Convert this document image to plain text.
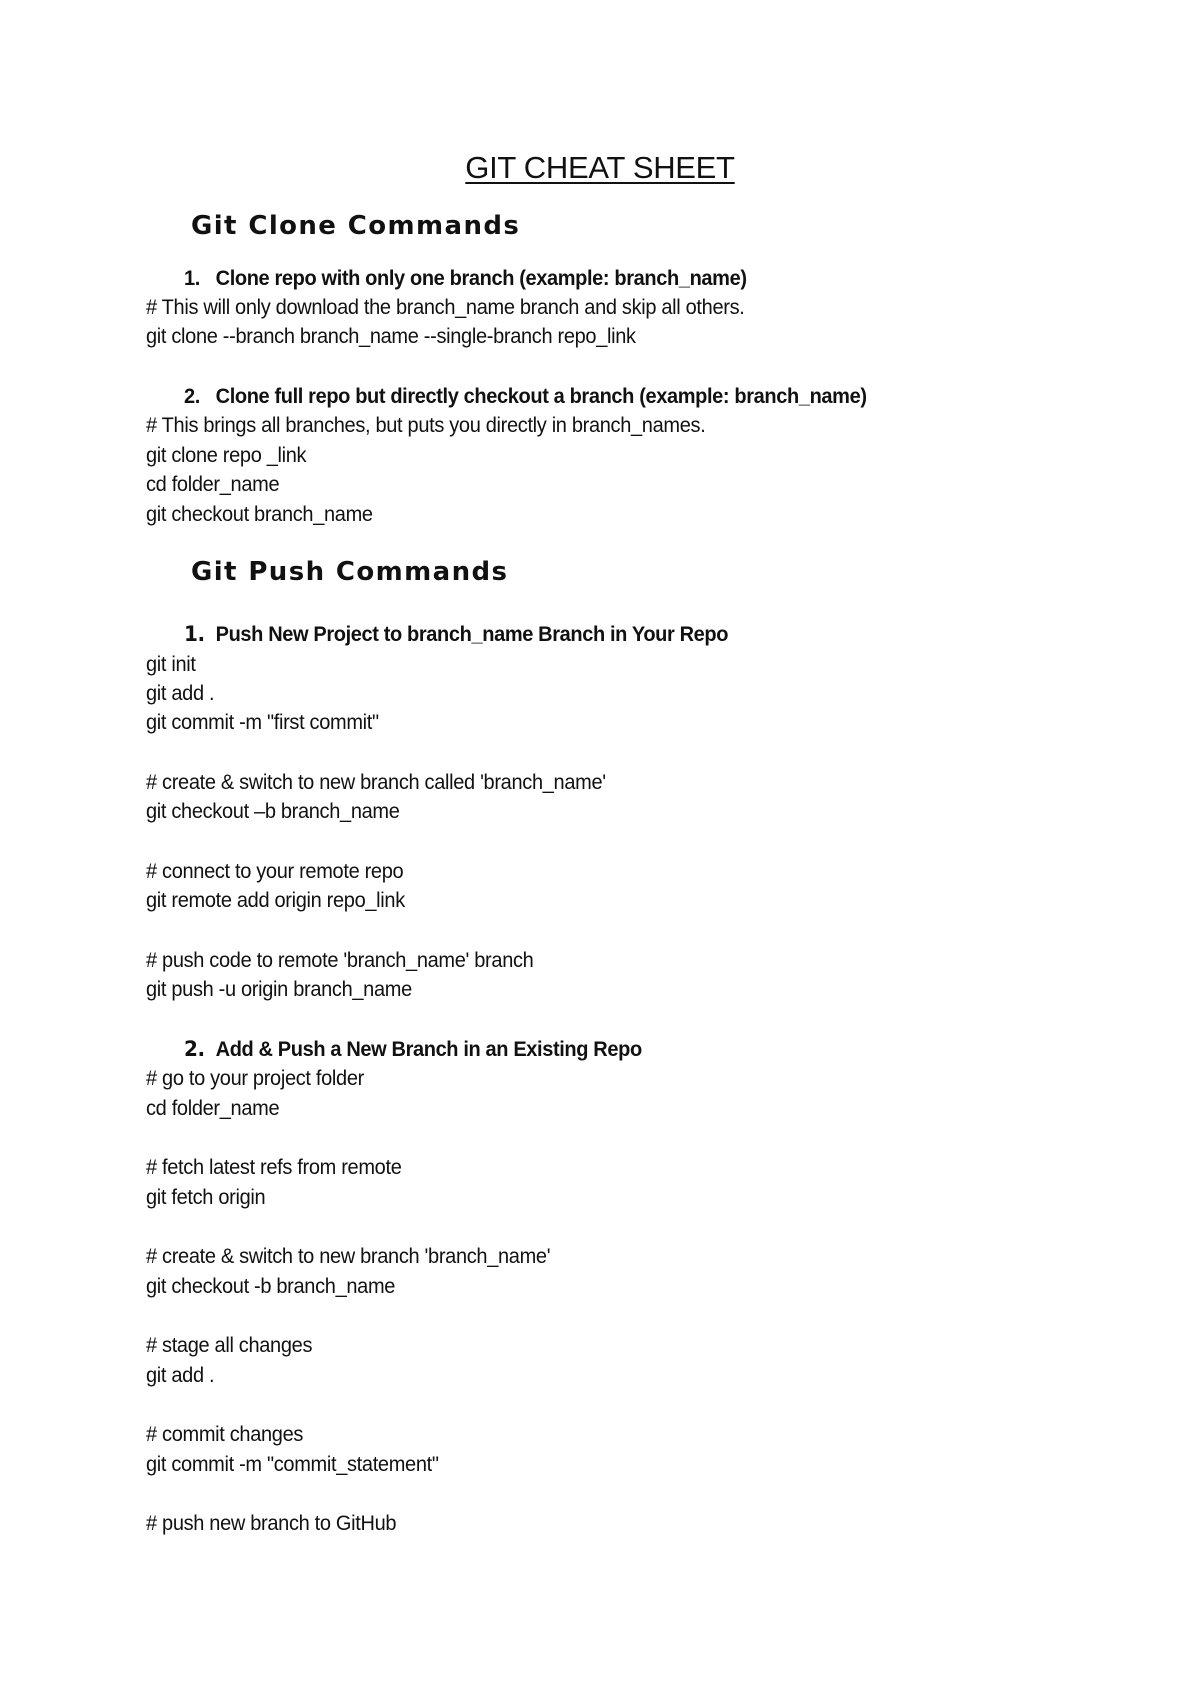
GIT CHEAT SHEET
Git Clone Commands
1. Clone repo with only one branch (example: branch_name)
# This will only download the branch_name branch and skip all others.
git clone --branch branch_name --single-branch repo_link
2. Clone full repo but directly checkout a branch (example: branch_name)
# This brings all branches, but puts you directly in branch_names.
git clone repo _link
cd folder_name
git checkout branch_name
Git Push Commands
1. Push New Project to branch_name Branch in Your Repo
git init
git add .
git commit -m "first commit"
# create & switch to new branch called 'branch_name'
git checkout –b branch_name
# connect to your remote repo
git remote add origin repo_link
# push code to remote 'branch_name' branch
git push -u origin branch_name
2. Add & Push a New Branch in an Existing Repo
# go to your project folder
cd folder_name
# fetch latest refs from remote
git fetch origin
# create & switch to new branch 'branch_name'
git checkout -b branch_name
# stage all changes
git add .
# commit changes
git commit -m "commit_statement"
# push new branch to GitHub
